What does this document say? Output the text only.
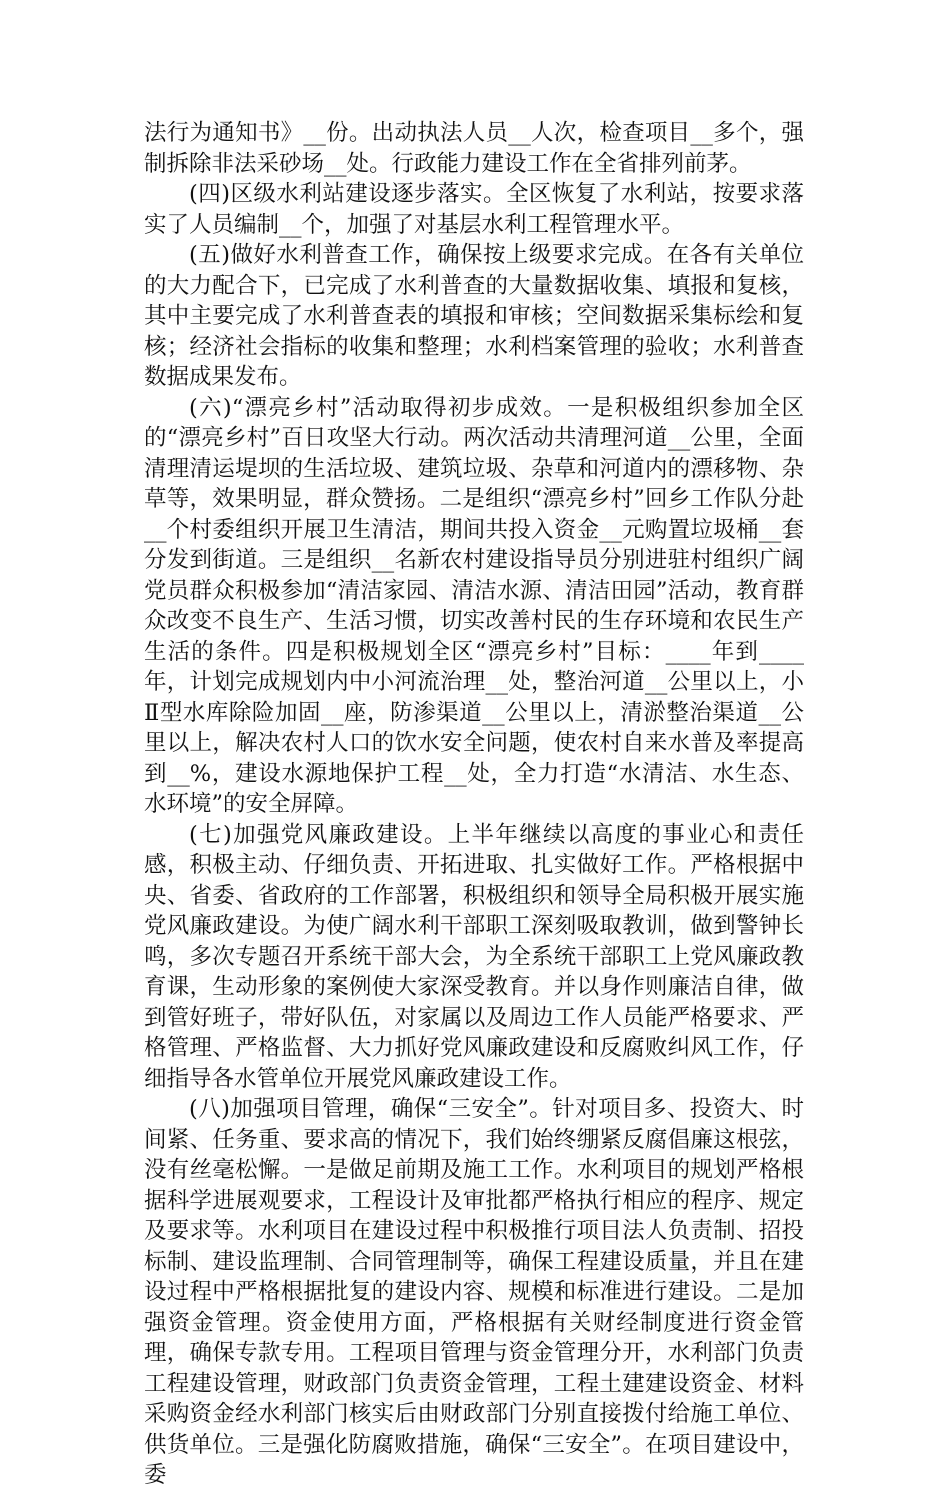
法行为通知书》__份。出动执法人员__人次，检查项目__多个，强制拆除非法采砂场__处。行政能力建设工作在全省排列前茅。

(四)区级水利站建设逐步落实。全区恢复了水利站，按要求落实了人员编制__个，加强了对基层水利工程管理水平。

(五)做好水利普查工作，确保按上级要求完成。在各有关单位的大力配合下，已完成了水利普查的大量数据收集、填报和复核，其中主要完成了水利普查表的填报和审核；空间数据采集标绘和复核；经济社会指标的收集和整理；水利档案管理的验收；水利普查数据成果发布。

(六)“漂亮乡村”活动取得初步成效。一是积极组织参加全区的“漂亮乡村”百日攻坚大行动。两次活动共清理河道__公里，全面清理清运堤坝的生活垃圾、建筑垃圾、杂草和河道内的漂移物、杂草等，效果明显，群众赞扬。二是组织“漂亮乡村”回乡工作队分赴__个村委组织开展卫生清洁，期间共投入资金__元购置垃圾桶__套分发到街道。三是组织__名新农村建设指导员分别进驻村组织广阔党员群众积极参加“清洁家园、清洁水源、清洁田园”活动，教育群众改变不良生产、生活习惯，切实改善村民的生存环境和农民生产生活的条件。四是积极规划全区“漂亮乡村”目标：____年到____年，计划完成规划内中小河流治理__处，整治河道__公里以上，小Ⅱ型水库除险加固__座，防渗渠道__公里以上，清淤整治渠道__公里以上，解决农村人口的饮水安全问题，使农村自来水普及率提高到__%，建设水源地保护工程__处，全力打造“水清洁、水生态、水环境”的安全屏障。

(七)加强党风廉政建设。上半年继续以高度的事业心和责任感，积极主动、仔细负责、开拓进取、扎实做好工作。严格根据中央、省委、省政府的工作部署，积极组织和领导全局积极开展实施党风廉政建设。为使广阔水利干部职工深刻吸取教训，做到警钟长鸣，多次专题召开系统干部大会，为全系统干部职工上党风廉政教育课，生动形象的案例使大家深受教育。并以身作则廉洁自律，做到管好班子，带好队伍，对家属以及周边工作人员能严格要求、严格管理、严格监督、大力抓好党风廉政建设和反腐败纠风工作，仔细指导各水管单位开展党风廉政建设工作。

(八)加强项目管理，确保“三安全”。针对项目多、投资大、时间紧、任务重、要求高的情况下，我们始终绷紧反腐倡廉这根弦，没有丝毫松懈。一是做足前期及施工工作。水利项目的规划严格根据科学进展观要求，工程设计及审批都严格执行相应的程序、规定及要求等。水利项目在建设过程中积极推行项目法人负责制、招投标制、建设监理制、合同管理制等，确保工程建设质量，并且在建设过程中严格根据批复的建设内容、规模和标准进行建设。二是加强资金管理。资金使用方面，严格根据有关财经制度进行资金管理，确保专款专用。工程项目管理与资金管理分开，水利部门负责工程建设管理，财政部门负责资金管理，工程土建建设资金、材料采购资金经水利部门核实后由财政部门分别直接拨付给施工单位、供货单位。三是强化防腐败措施，确保“三安全”。在项目建设中，委
